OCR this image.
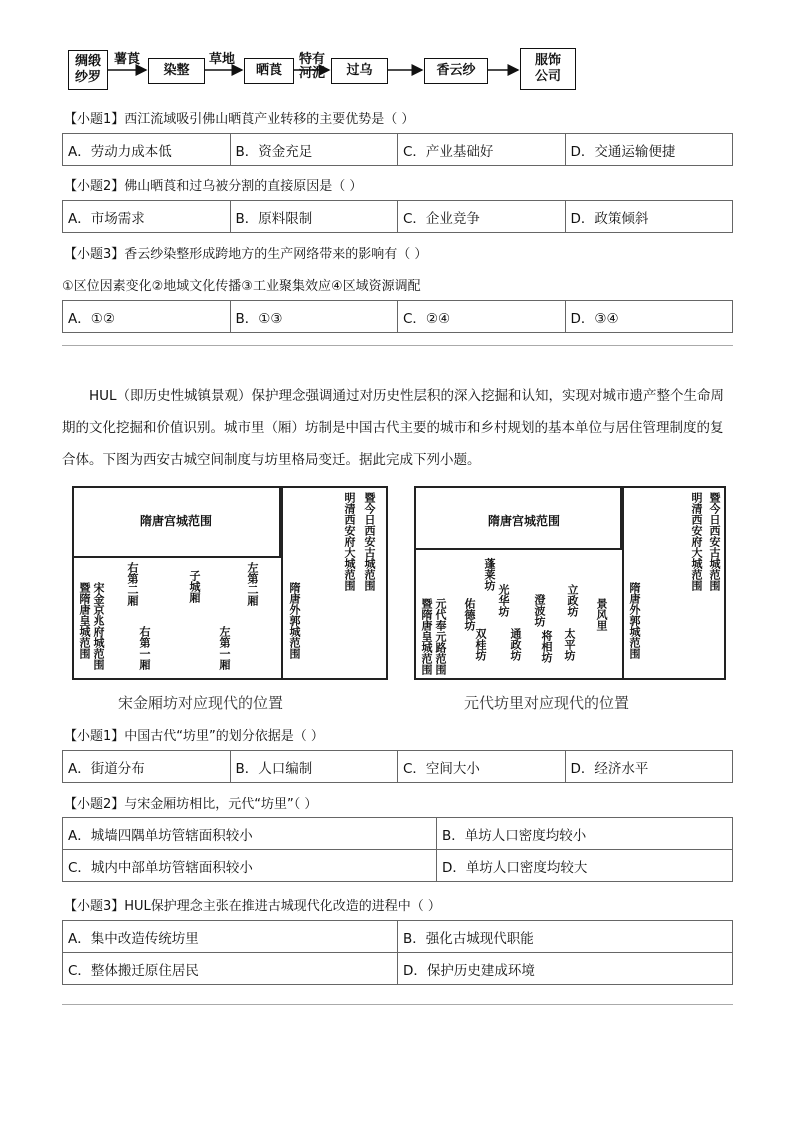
绸缎纱罗	染整	晒莨	过乌	香云纱
服饰公司
薯莨	草地	特有河泥
【小题1】西江流域吸引佛山晒莨产业转移的主要优势是（ ）
A．劳动力成本低	B．资金充足	C．产业基础好	D．交通运输便捷
【小题2】佛山晒莨和过乌被分割的直接原因是（ ）
A．市场需求	B．原料限制	C．企业竞争	D．政策倾斜
【小题3】香云纱染整形成跨地方的生产网络带来的影响有（ ）
①区位因素变化②地域文化传播③工业聚集效应④区域资源调配
A．①②	B．①③	C．②④	D．③④
HUL（即历史性城镇景观）保护理念强调通过对历史性层积的深入挖掘和认知，实现对城市遗产整个生命周期的文化挖掘和价值识别。城市里（厢）坊制是中国古代主要的城市和乡村规划的基本单位与居住管理制度的复合体。下图为西安古城空间制度与坊里格局变迁。据此完成下列小题。
隋唐宫城范围	明清西安府大城范围 暨今日西安古城范围
隋唐外郭城范围
暨隋唐皇城范围 宋金京兆府城范围 右第二厢	子城厢	左第二厢
右第一厢	左第一厢
宋金厢坊对应现代的位置
隋唐宫城范围	明清西安府大城范围 暨今日西安古城范围
隋唐外郭城范围
暨隋唐皇城范围 元代奉元路范围
蓬莱坊
佑德坊 光华坊 澄波坊 立政坊 景风里
双桂坊 通政坊 将相坊 太平坊
元代坊里对应现代的位置
【小题1】中国古代“坊里”的划分依据是（ ）
A．街道分布	B．人口编制	C．空间大小	D．经济水平
【小题2】与宋金厢坊相比，元代“坊里”（ ）
A．城墙四隅单坊管辖面积较小	B．单坊人口密度均较小
C．城内中部单坊管辖面积较小	D．单坊人口密度均较大
【小题3】HUL保护理念主张在推进古城现代化改造的进程中（ ）
A．集中改造传统坊里	B．强化古城现代职能
C．整体搬迁原住居民	D．保护历史建成环境
